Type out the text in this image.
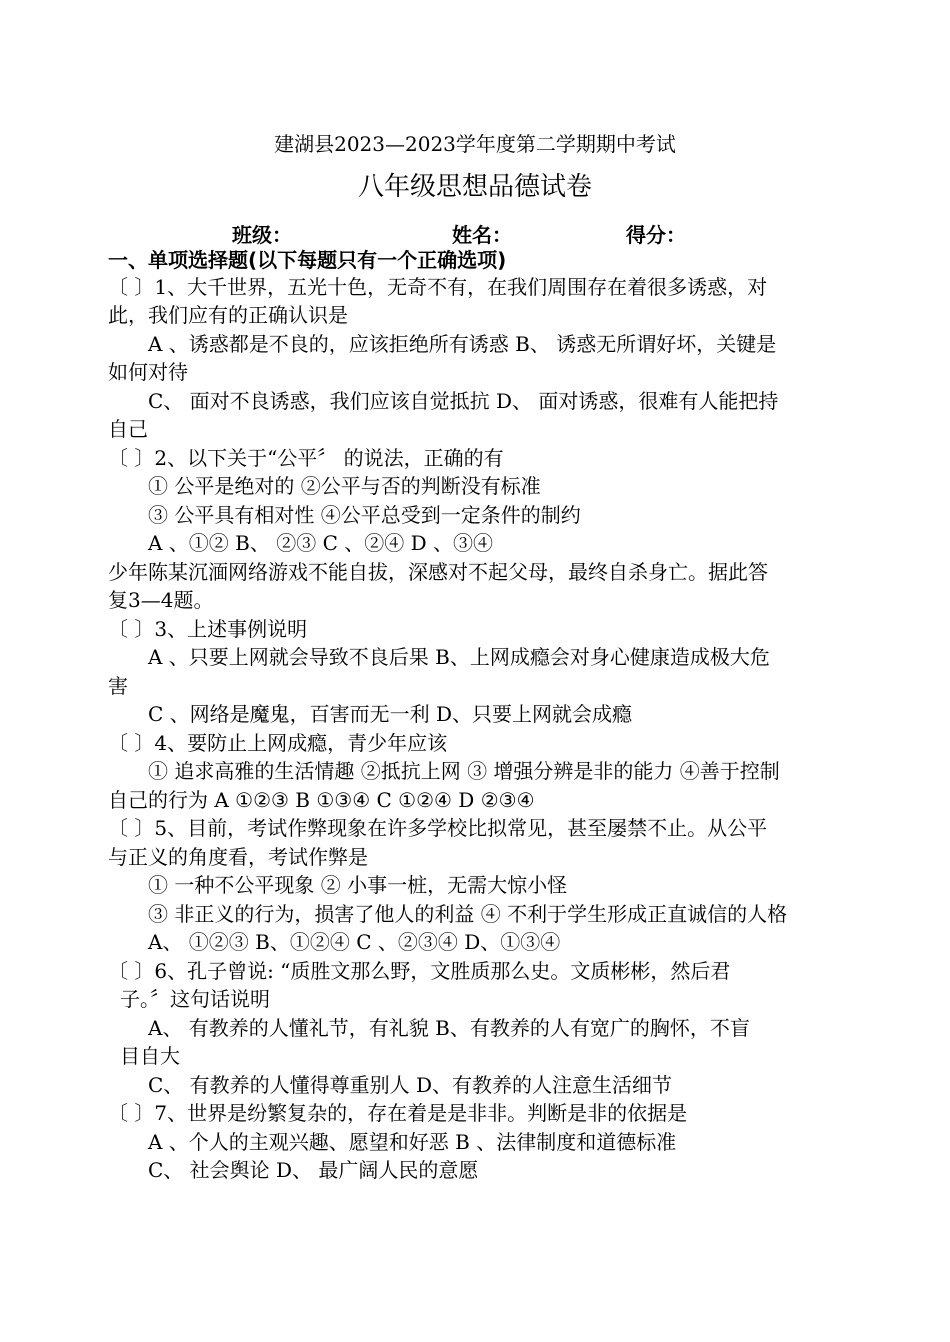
建湖县2023—2023学年度第二学期期中考试
八年级思想品德试卷
班级：	姓名：	得分：
一、单项选择题(以下每题只有一个正确选项)
〔 〕1、大千世界，五光十色，无奇不有，在我们周围存在着很多诱惑，对
此，我们应有的正确认识是
A 、诱惑都是不良的，应该拒绝所有诱惑 B、 诱惑无所谓好坏，关键是
如何对待
C、 面对不良诱惑，我们应该自觉抵抗 D、 面对诱惑，很难有人能把持
自己
〔 〕2、以下关于“公平〞 的说法，正确的有
① 公平是绝对的 ②公平与否的判断没有标准
③ 公平具有相对性 ④公平总受到一定条件的制约
A 、①② B、 ②③ C 、②④ D 、③④
少年陈某沉湎网络游戏不能自拔，深感对不起父母，最终自杀身亡。据此答
复3—4题。
〔 〕3、上述事例说明
A 、只要上网就会导致不良后果 B、上网成瘾会对身心健康造成极大危
害
C 、网络是魔鬼，百害而无一利 D、只要上网就会成瘾
〔 〕4、要防止上网成瘾，青少年应该
① 追求高雅的生活情趣 ②抵抗上网 ③ 增强分辨是非的能力 ④善于控制
自己的行为 A ①②③ B ①③④ C ①②④ D ②③④
〔 〕5、目前，考试作弊现象在许多学校比拟常见，甚至屡禁不止。从公平
与正义的角度看，考试作弊是
① 一种不公平现象 ② 小事一桩，无需大惊小怪
③ 非正义的行为，损害了他人的利益 ④ 不利于学生形成正直诚信的人格
A、 ①②③ B、①②④ C 、②③④ D、①③④
〔 〕6、孔子曾说: “质胜文那么野，文胜质那么史。文质彬彬，然后君
子。〞这句话说明
A、 有教养的人懂礼节，有礼貌 B、有教养的人有宽广的胸怀，不盲
目自大
C、 有教养的人懂得尊重别人 D、有教养的人注意生活细节
〔 〕7、世界是纷繁复杂的，存在着是是非非。判断是非的依据是
A 、个人的主观兴趣、愿望和好恶 B 、法律制度和道德标准
C、 社会舆论 D、 最广阔人民的意愿
